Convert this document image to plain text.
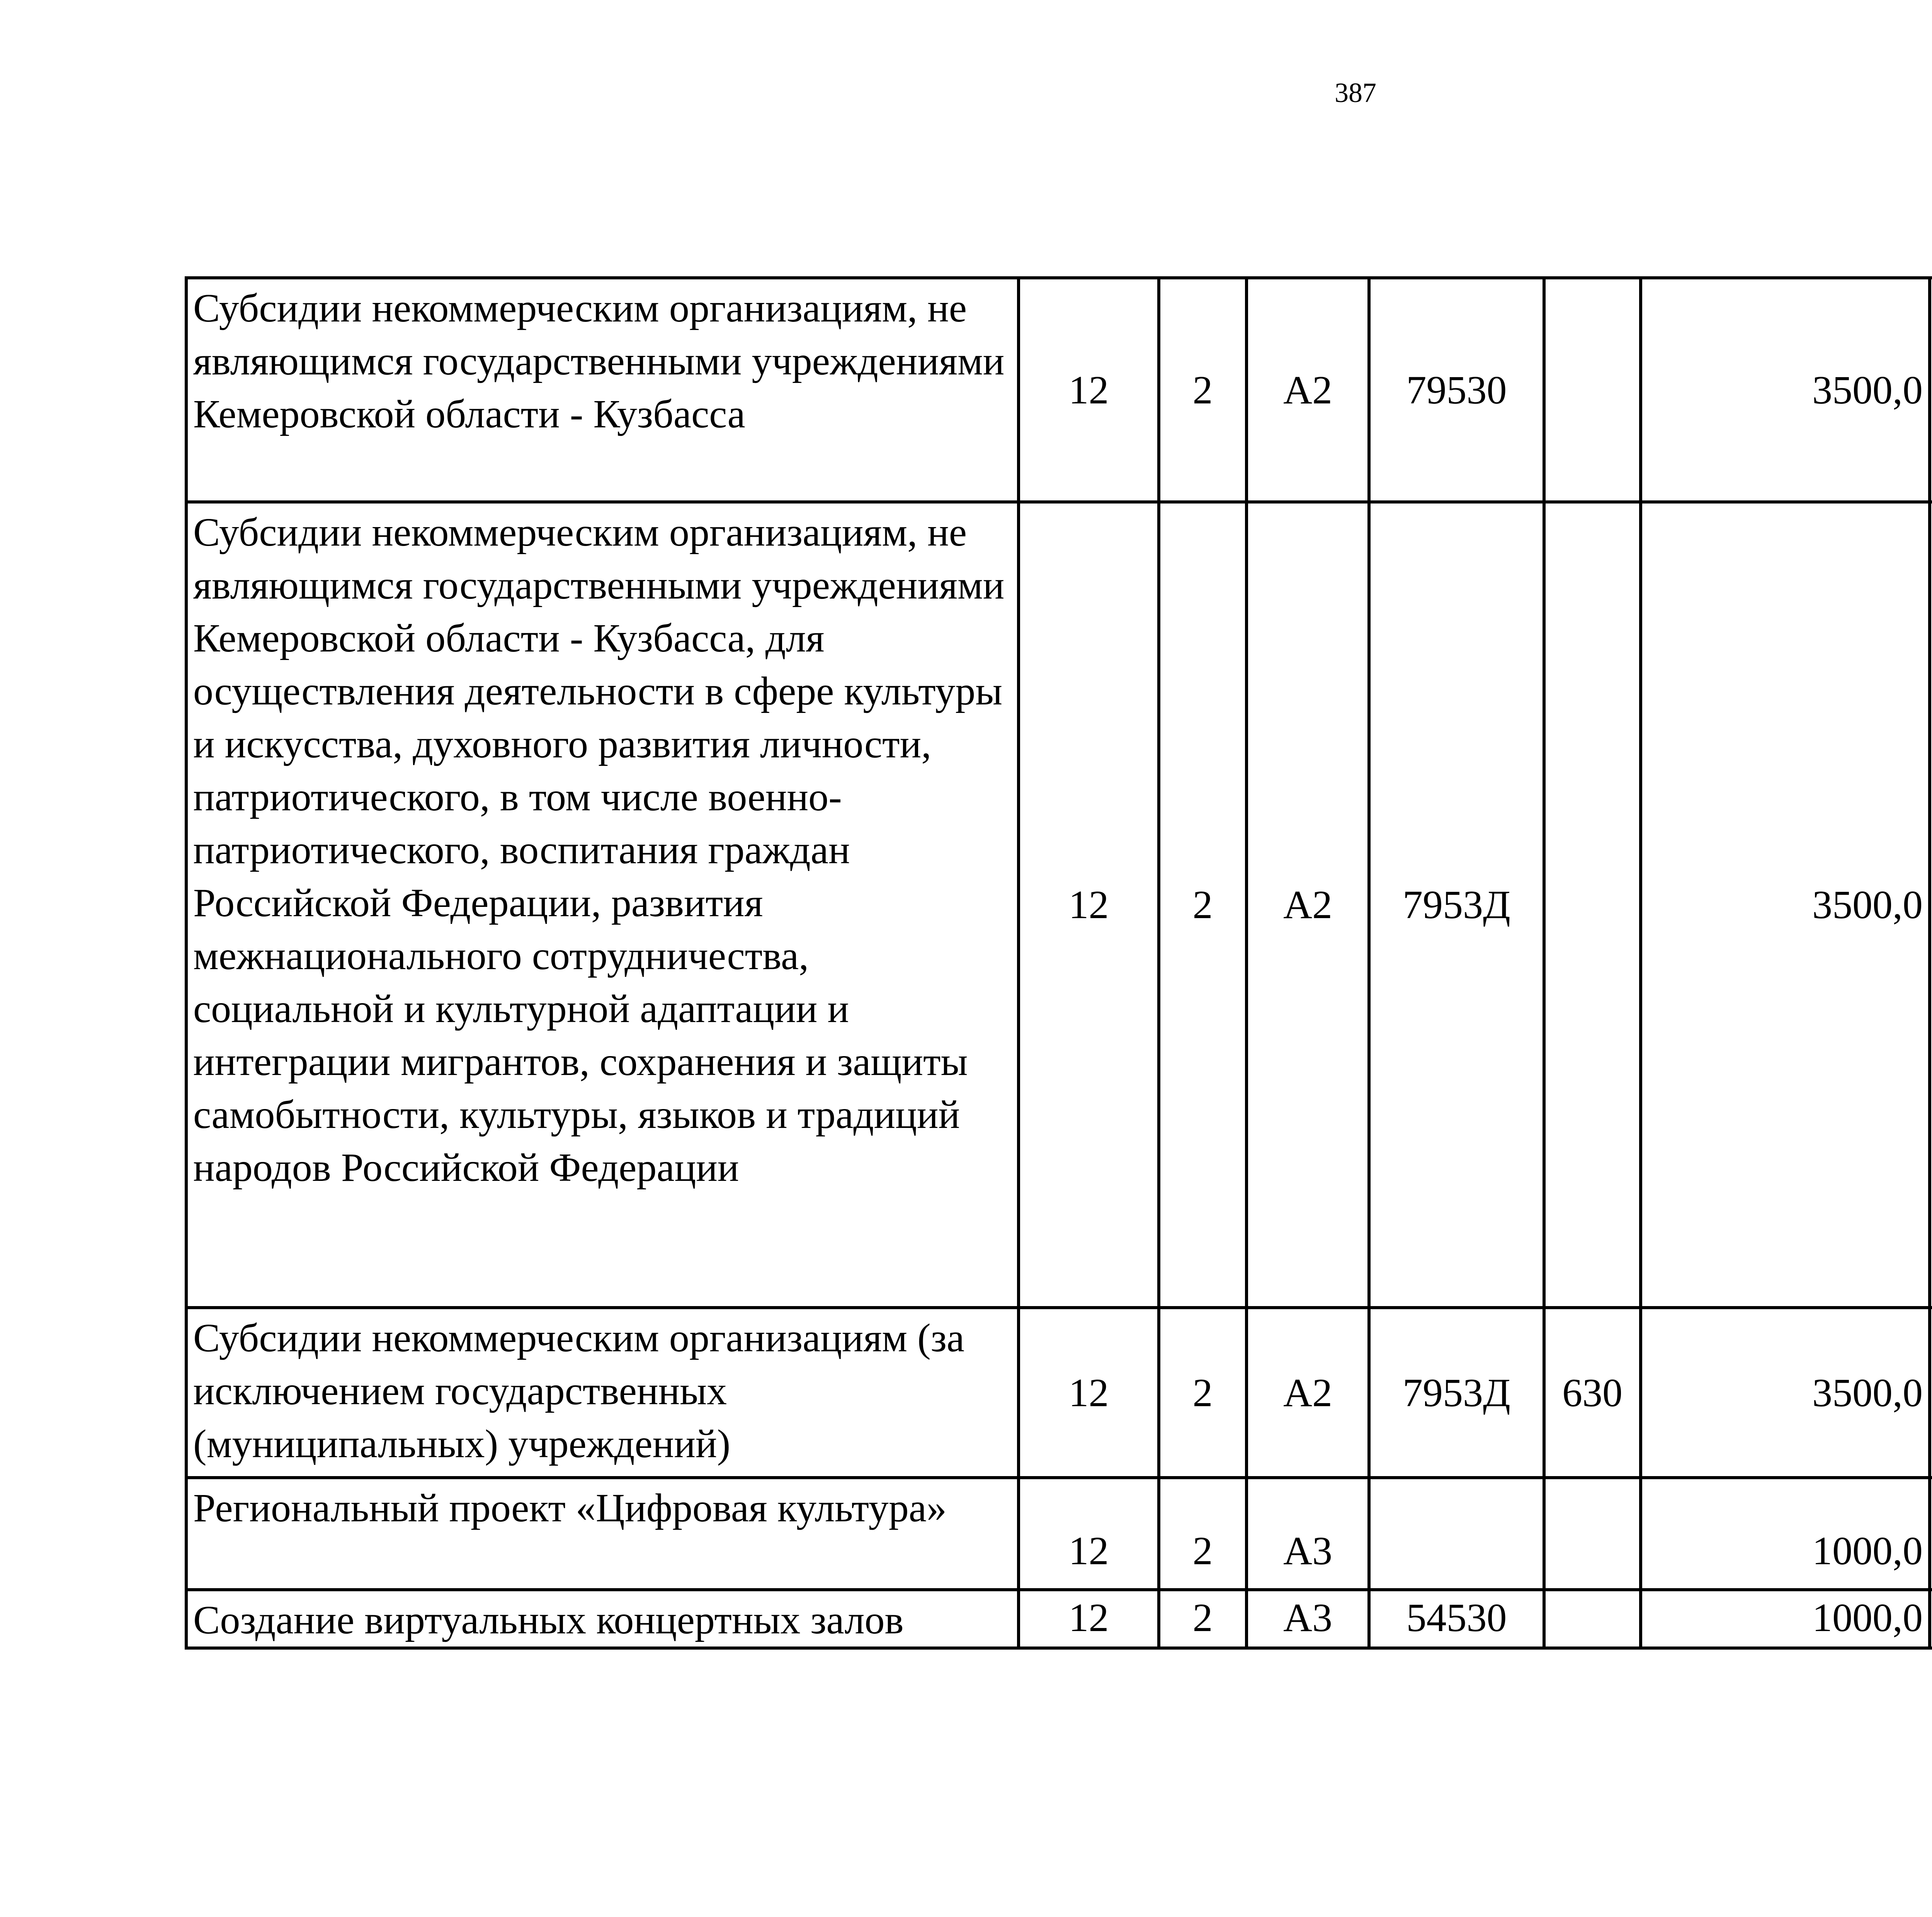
387
Субсидии некоммерческим организациям, не являющимся государственными учреждениями Кемеровской области - Кузбасса	12	2	А2	79530		3500,0		
Субсидии некоммерческим организациям, не являющимся государственными учреждениями Кемеровской области - Кузбасса, для осуществления деятельности в сфере культуры и искусства, духовного развития личности, патриотического, в том числе военно-патриотического, воспитания граждан Российской Федерации, развития межнационального сотрудничества, социальной и культурной адаптации и интеграции мигрантов, сохранения и защиты самобытности, культуры, языков и традиций народов Российской Федерации	12	2	А2	7953Д		3500,0		
Субсидии некоммерческим организациям (за исключением государственных (муниципальных) учреждений)	12	2	А2	7953Д	630	3500,0		
Региональный проект «Цифровая культура»	12	2	А3			1000,0		
Создание виртуальных концертных залов	12	2	А3	54530		1000,0		
